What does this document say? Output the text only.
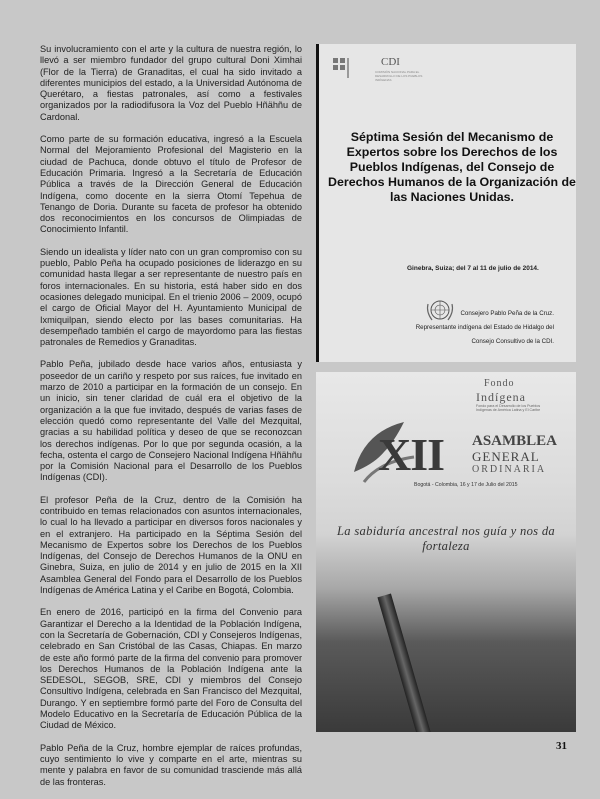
Su involucramiento con el arte y la cultura de nuestra región, lo llevó a ser miembro fundador del grupo cultural Doni Ximhai (Flor de la Tierra) de Granaditas, el cual ha sido invitado a diferentes municipios del estado, a la Universidad Autónoma de Querétaro, a fiestas patronales, así como a festivales organizados por la radiodifusora la Voz del Pueblo Hñähñu de Cardonal.

Como parte de su formación educativa, ingresó a la Escuela Normal del Mejoramiento Profesional del Magisterio en la ciudad de Pachuca, donde obtuvo el título de Profesor de Educación Primaria. Ingresó a la Secretaría de Educación Pública a través de la Dirección General de Educación Indígena, como docente en la sierra Otomí Tepehua de Tenango de Doria. Durante su faceta de profesor ha obtenido dos reconocimientos en los concursos de Olimpiadas de Conocimiento Infantil.

Siendo un idealista y líder nato con un gran compromiso con su pueblo, Pablo Peña ha ocupado posiciones de liderazgo en su comunidad hasta llegar a ser representante de nuestro país en foros internacionales. En su historia, está haber sido en dos ocasiones delegado municipal. En el trienio 2006 – 2009, ocupó el cargo de Oficial Mayor del H. Ayuntamiento Municipal de Ixmiquilpan, siendo electo por las bases comunitarias. Ha desempeñado también el cargo de mayordomo para las fiestas patronales de Remedios y Granaditas.

Pablo Peña, jubilado desde hace varios años, entusiasta y poseedor de un cariño y respeto por sus raíces, fue invitado en marzo de 2010 a participar en la formación de un consejo. En un inicio, sin tener claridad de cuál era el objetivo de la organización a la que fue invitado, después de varias fases de elección quedó como representante del Valle del Mezquital, gracias a su habilidad política y deseo de que se reconozcan los derechos indígenas. Por lo que por segunda ocasión, a la fecha, ostenta el cargo de Consejero Nacional Indígena Hñähñu por la Comisión Nacional para el Desarrollo de los Pueblos Indígenas (CDI).

El profesor Peña de la Cruz, dentro de la Comisión ha contribuido en temas relacionados con asuntos internacionales, lo cual lo ha llevado a participar en diversos foros nacionales y en el extranjero. Ha participado en la Séptima Sesión del Mecanismo de Expertos sobre los Derechos de los Pueblos Indígenas, del Consejo de Derechos Humanos de la ONU en Ginebra, Suiza, en julio de 2014 y en julio de 2015 en la XII Asamblea General del Fondo para el Desarrollo de los Pueblos Indígenas de América Latina y el Caribe en Bogotá, Colombia.

En enero de 2016, participó en la firma del Convenio para Garantizar el Derecho a la Identidad de la Población Indígena, con la Secretaría de Gobernación, CDI y Consejeros Indígenas, celebrado en San Cristóbal de las Casas, Chiapas. En marzo de este año formó parte de la firma del convenio para promover los Derechos Humanos de la Población Indígena ante la SEDESOL, SEGOB, SRE, CDI y miembros del Consejo Consultivo Indígena, celebrada en San Francisco del Mezquital, Durango. Y en septiembre formó parte del Foro de Consulta del Modelo Educativo en la Secretaría de Educación Pública de la Ciudad de México.

Pablo Peña de la Cruz, hombre ejemplar de raíces profundas, cuyo sentimiento lo vive y comparte en el arte, mientras su mente y palabra en favor de su comunidad trasciende más allá de las fronteras.

CDI
COMISIÓN NACIONAL PARA EL DESARROLLO DE LOS PUEBLOS INDÍGENAS
Séptima Sesión del Mecanismo de Expertos sobre los Derechos de los Pueblos Indígenas, del Consejo de Derechos Humanos de la Organización de las Naciones Unidas.
Ginebra, Suiza; del 7 al 11 de julio de 2014.
Consejero Pablo Peña de la Cruz.
Representante indígena del Estado de Hidalgo del
Consejo Consultivo de la CDI.
Fondo
Indígena
Fondo para el Desarrollo de los Pueblos Indígenas de América Latina y El Caribe
XII ASAMBLEA
GENERAL
ORDINARIA
Bogotá - Colombia, 16 y 17 de Julio del 2015
La sabiduría ancestral nos guía y nos da fortaleza
31
